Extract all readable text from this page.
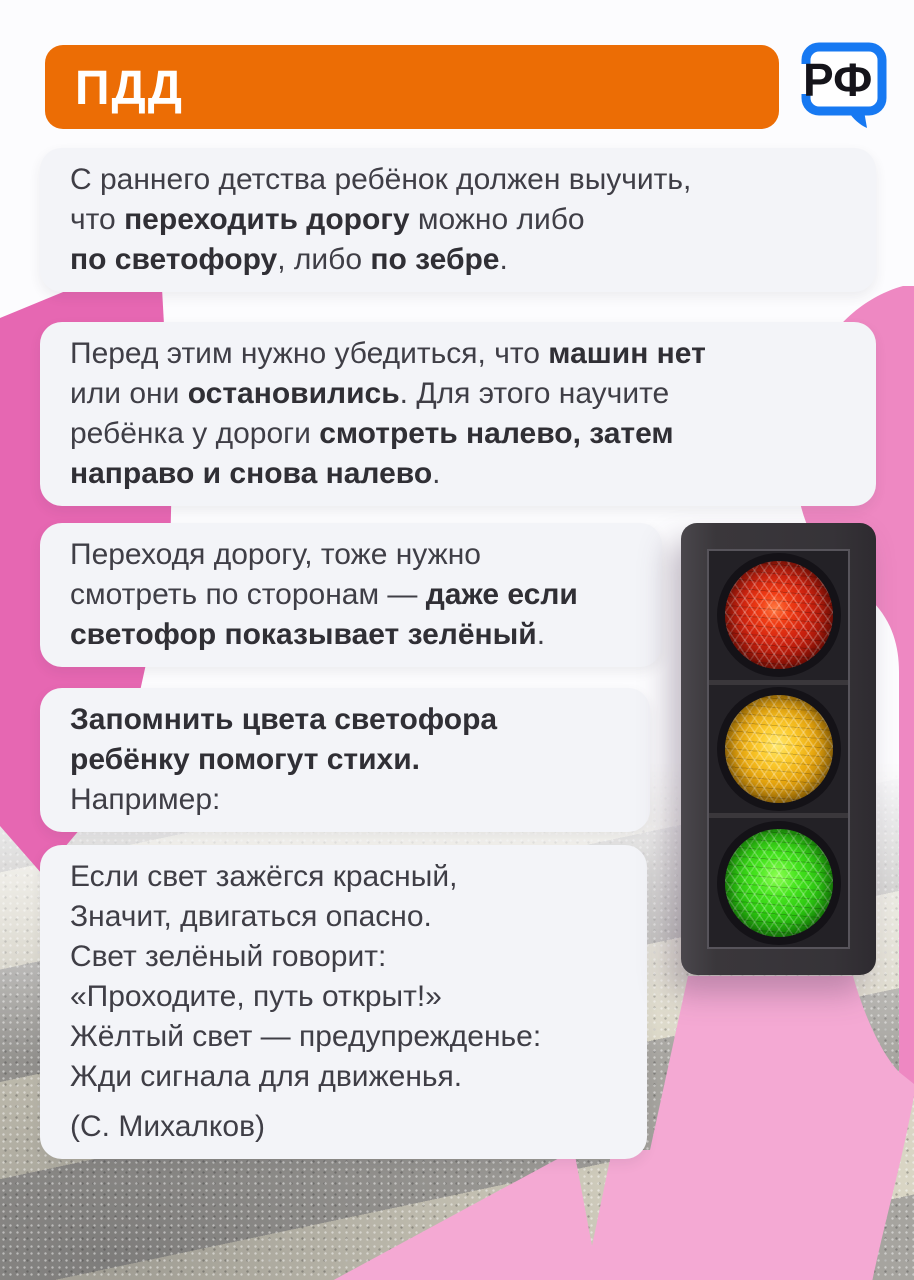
ПДД	РФ
С раннего детства ребёнок должен выучить,
что переходить дорогу можно либо
по светофору, либо по зебре.
Перед этим нужно убедиться, что машин нет
или они остановились. Для этого научите
ребёнка у дороги смотреть налево, затем
направо и снова налево.
Переходя дорогу, тоже нужно
смотреть по сторонам — даже если
светофор показывает зелёный.
Запомнить цвета светофора
ребёнку помогут стихи.
Например:
Если свет зажёгся красный,
Значит, двигаться опасно.
Свет зелёный говорит:
«Проходите, путь открыт!»
Жёлтый свет — предупрежденье:
Жди сигнала для движенья.
(С. Михалков)
